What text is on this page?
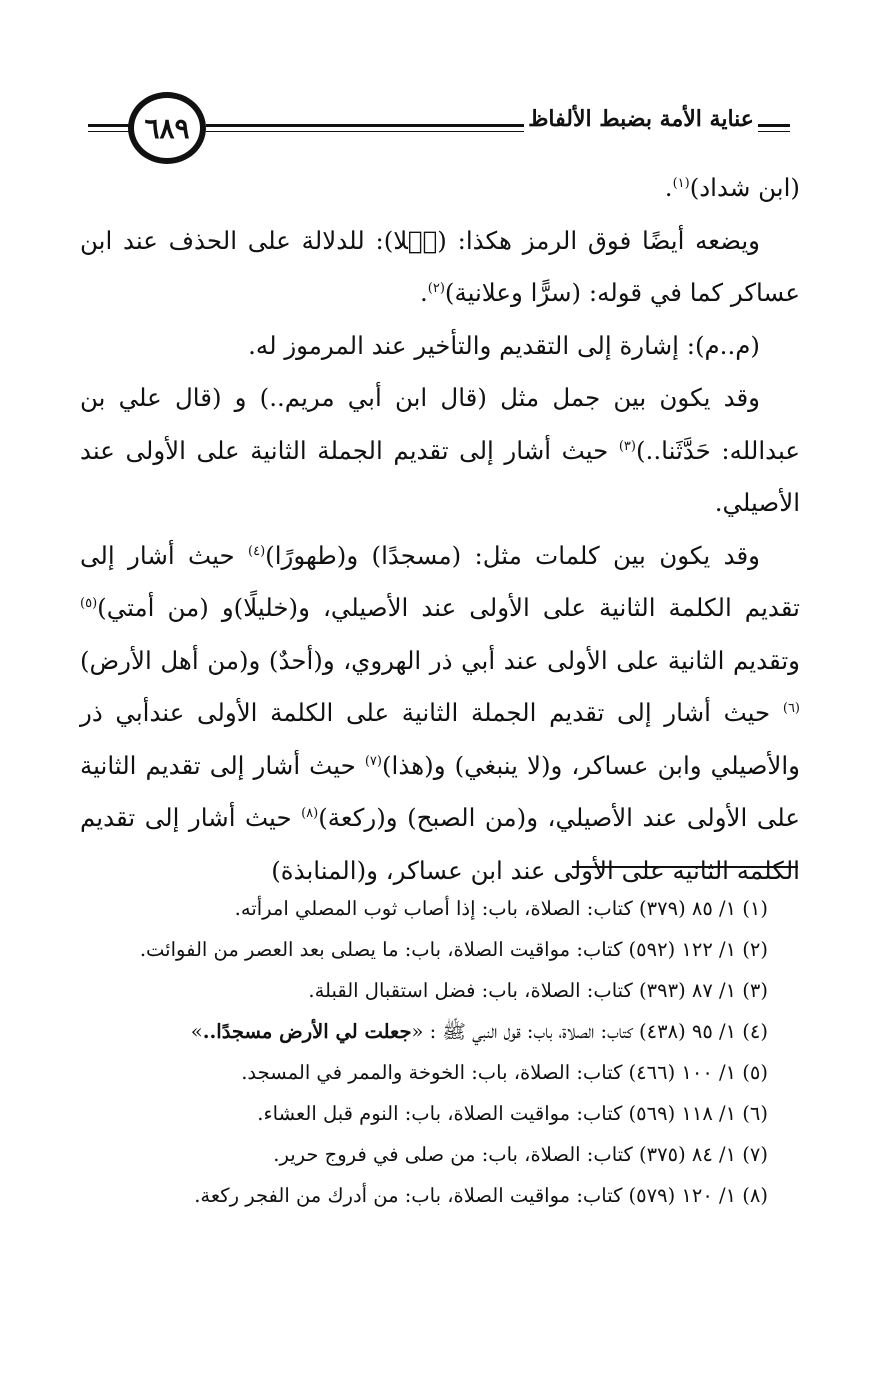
٦٨٩	عناية الأمة بضبط الألفاظ

(ابن شداد)$^{(١)}$.

ويضعه أيضًا فوق الرمز هكذا: (سٙلا): للدلالة على الحذف عند ابن عساكر كما في قوله: (سرًّا وعلانية)$^{(٢)}$.

(م..م): إشارة إلى التقديم والتأخير عند المرموز له.

وقد يكون بين جمل مثل (قال ابن أبي مريم..) و (قال علي بن عبدالله: حَدَّثَنا..)$^{(٣)}$ حيث أشار إلى تقديم الجملة الثانية على الأولى عند الأصيلي.

وقد يكون بين كلمات مثل: (مسجدًا) و(طهورًا)$^{(٤)}$ حيث أشار إلى تقديم الكلمة الثانية على الأولى عند الأصيلي، و(خليلًا)و (من أمتي)$^{(٥)}$ وتقديم الثانية على الأولى عند أبي ذر الهروي، و(أحدٌ) و(من أهل الأرض)$^{(٦)}$ حيث أشار إلى تقديم الجملة الثانية على الكلمة الأولى عندأبي ذر والأصيلي وابن عساكر، و(لا ينبغي) و(هذا)$^{(٧)}$ حيث أشار إلى تقديم الثانية على الأولى عند الأصيلي، و(من الصبح) و(ركعة)$^{(٨)}$ حيث أشار إلى تقديم الكلمة الثانية على الأولى عند ابن عساكر، و(المنابذة)

(١) ١/ ٨٥ (٣٧٩) كتاب: الصلاة، باب: إذا أصاب ثوب المصلي امرأته.

(٢) ١/ ١٢٢ (٥٩٢) كتاب: مواقيت الصلاة، باب: ما يصلى بعد العصر من الفوائت.

(٣) ١/ ٨٧ (٣٩٣) كتاب: الصلاة، باب: فضل استقبال القبلة.

(٤) ١/ ٩٥ (٤٣٨) كتاب: الصلاة، باب: قول النبي ﷺ : «جعلت لي الأرض مسجدًا..»

(٥) ١/ ١٠٠ (٤٦٦) كتاب: الصلاة، باب: الخوخة والممر في المسجد.

(٦) ١/ ١١٨ (٥٦٩) كتاب: مواقيت الصلاة، باب: النوم قبل العشاء.

(٧) ١/ ٨٤ (٣٧٥) كتاب: الصلاة، باب: من صلى في فروج حرير.

(٨) ١/ ١٢٠ (٥٧٩) كتاب: مواقيت الصلاة، باب: من أدرك من الفجر ركعة.
